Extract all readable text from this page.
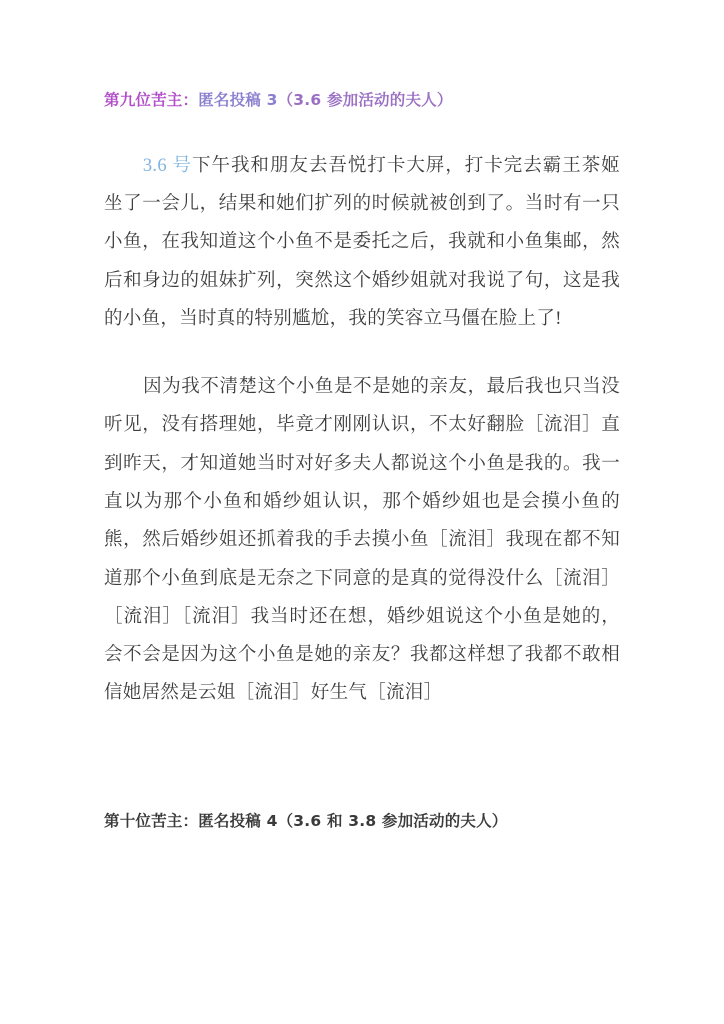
第九位苦主：匿名投稿 3（3.6 参加活动的夫人）

3.6 号下午我和朋友去吾悦打卡大屏，打卡完去霸王茶姬坐了一会儿，结果和她们扩列的时候就被创到了。当时有一只小鱼，在我知道这个小鱼不是委托之后，我就和小鱼集邮，然后和身边的姐妹扩列，突然这个婚纱姐就对我说了句，这是我的小鱼，当时真的特别尴尬，我的笑容立马僵在脸上了!

因为我不清楚这个小鱼是不是她的亲友，最后我也只当没听见，没有搭理她，毕竟才刚刚认识，不太好翻脸［流泪］直到昨天，才知道她当时对好多夫人都说这个小鱼是我的。我一直以为那个小鱼和婚纱姐认识，那个婚纱姐也是会摸小鱼的熊，然后婚纱姐还抓着我的手去摸小鱼［流泪］我现在都不知道那个小鱼到底是无奈之下同意的是真的觉得没什么［流泪］［流泪］［流泪］我当时还在想，婚纱姐说这个小鱼是她的，会不会是因为这个小鱼是她的亲友？我都这样想了我都不敢相信她居然是云姐［流泪］好生气［流泪］

第十位苦主：匿名投稿 4（3.6 和 3.8 参加活动的夫人）
